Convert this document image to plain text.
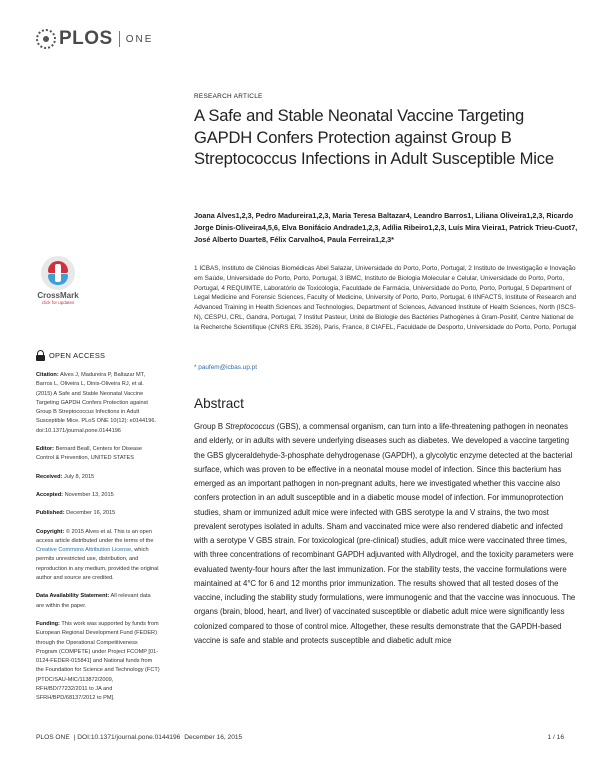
PLOS ONE
CrossMark
click for updates
OPEN ACCESS
Citation: Alves J, Madureira P, Baltazar MT, Barros L, Oliveira L, Dinis-Oliveira RJ, et al. (2015) A Safe and Stable Neonatal Vaccine Targeting GAPDH Confers Protection against Group B Streptococcus Infections in Adult Susceptible Mice. PLoS ONE 10(12): e0144196. doi:10.1371/journal.pone.0144196
Editor: Bernard Beall, Centers for Disease Control & Prevention, UNITED STATES
Received: July 8, 2015
Accepted: November 13, 2015
Published: December 16, 2015
Copyright: © 2015 Alves et al. This is an open access article distributed under the terms of the Creative Commons Attribution License, which permits unrestricted use, distribution, and reproduction in any medium, provided the original author and source are credited.
Data Availability Statement: All relevant data are within the paper.
Funding: This work was supported by funds from European Regional Development Fund (FEDER) through the Operational Competitiveness Program (COMPETE) under Project FCOMP [01-0124-FEDER-015841] and National funds from the Foundation for Science and Technology (FCT) [PTDC/SAU-MIC/113872/2009, RFH/BD/77232/2011 to JA and SFRH/BPD/68137/2012 to PM].
RESEARCH ARTICLE
A Safe and Stable Neonatal Vaccine Targeting GAPDH Confers Protection against Group B Streptococcus Infections in Adult Susceptible Mice
Joana Alves1,2,3, Pedro Madureira1,2,3, Maria Teresa Baltazar4, Leandro Barros1, Liliana Oliveira1,2,3, Ricardo Jorge Dinis-Oliveira4,5,6, Elva Bonifácio Andrade1,2,3, Adília Ribeiro1,2,3, Luís Mira Vieira1, Patrick Trieu-Cuot7, José Alberto Duarte8, Félix Carvalho4, Paula Ferreira1,2,3*
1 ICBAS, Instituto de Ciências Biomédicas Abel Salazar, Universidade do Porto, Porto, Portugal, 2 Instituto de Investigação e Inovação em Saúde, Universidade do Porto, Porto, Portugal, 3 IBMC, Instituto de Biologia Molecular e Celular, Universidade do Porto, Porto, Portugal, 4 REQUIMTE, Laboratório de Toxicologia, Faculdade de Farmácia, Universidade do Porto, Porto, Portugal, 5 Department of Legal Medicine and Forensic Sciences, Faculty of Medicine, University of Porto, Porto, Portugal, 6 IINFACTS, Institute of Research and Advanced Training in Health Sciences and Technologies, Department of Sciences, Advanced Institute of Health Sciences, North (ISCS-N), CESPU, CRL, Gandra, Portugal, 7 Institut Pasteur, Unité de Biologie des Bactéries Pathogènes à Gram-Positif, Centre National de la Recherche Scientifique (CNRS ERL 3526), Paris, France, 8 CIAFEL, Faculdade de Desporto, Universidade do Porto, Porto, Portugal
* paufem@icbas.up.pt
Abstract

Group B Streptococcus (GBS), a commensal organism, can turn into a life-threatening pathogen in neonates and elderly, or in adults with severe underlying diseases such as diabetes. We developed a vaccine targeting the GBS glyceraldehyde-3-phosphate dehydrogenase (GAPDH), a glycolytic enzyme detected at the bacterial surface, which was proven to be effective in a neonatal mouse model of infection. Since this bacterium has emerged as an important pathogen in non-pregnant adults, here we investigated whether this vaccine also confers protection in an adult susceptible and in a diabetic mouse model of infection. For immunoprotection studies, sham or immunized adult mice were infected with GBS serotype Ia and V strains, the two most prevalent serotypes isolated in adults. Sham and vaccinated mice were also rendered diabetic and infected with a serotype V GBS strain. For toxicological (pre-clinical) studies, adult mice were vaccinated three times, with three concentrations of recombinant GAPDH adjuvanted with Allydrogel, and the toxicity parameters were evaluated twenty-four hours after the last immunization. For the stability tests, the vaccine formulations were maintained at 4°C for 6 and 12 months prior immunization. The results showed that all tested doses of the vaccine, including the stability study formulations, were immunogenic and that the vaccine was innocuous. The organs (brain, blood, heart, and liver) of vaccinated susceptible or diabetic adult mice were significantly less colonized compared to those of control mice. Altogether, these results demonstrate that the GAPDH-based vaccine is safe and stable and protects susceptible and diabetic adult mice

PLOS ONE | DOI:10.1371/journal.pone.0144196 December 16, 2015	1 / 16
